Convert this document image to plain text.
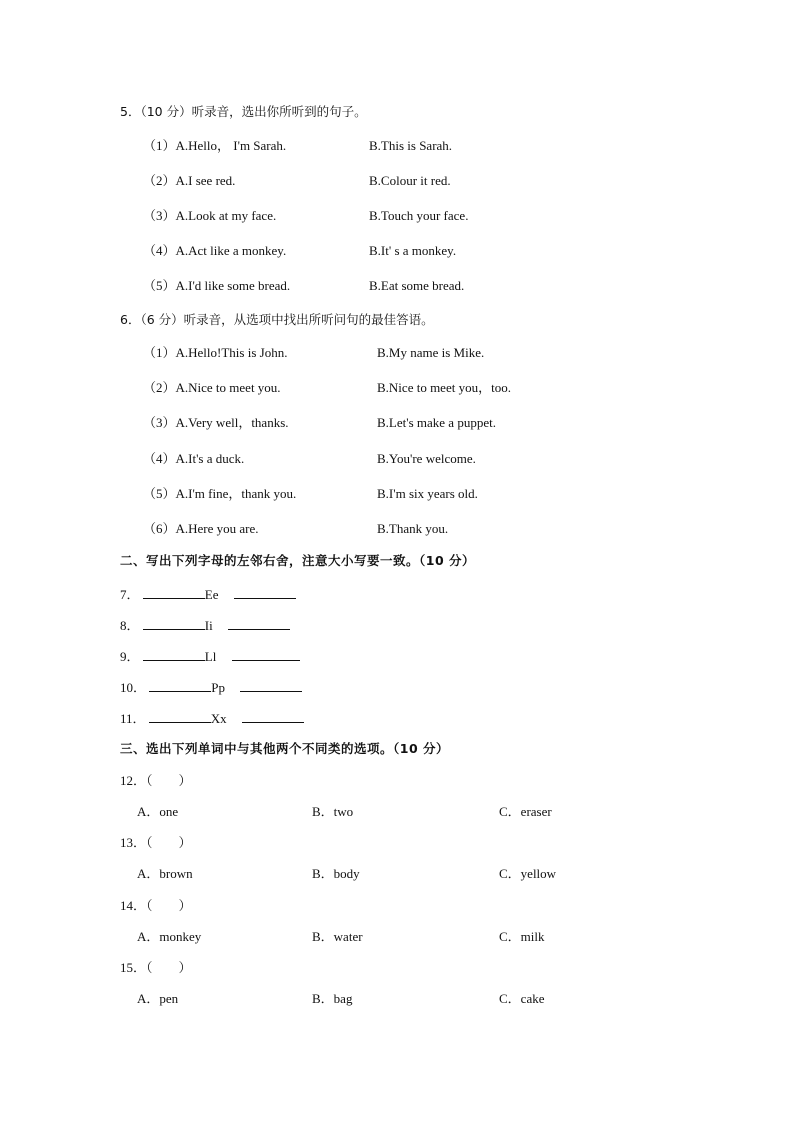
5．（10 分）听录音，选出你所听到的句子。
（1）A.Hello， I'm Sarah.	B.This is Sarah.
（2）A.I see red.	B.Colour it red.
（3）A.Look at my face.	B.Touch your face.
（4）A.Act like a monkey.	B.It' s a monkey.
（5）A.I'd like some bread.	B.Eat some bread.
6．（6 分）听录音，从选项中找出所听问句的最佳答语。
（1）A.Hello!This is John.	B.My name is Mike.
（2）A.Nice to meet you.	B.Nice to meet you，too.
（3）A.Very well，thanks.	B.Let's make a puppet.
（4）A.It's a duck.	B.You're welcome.
（5）A.I'm fine，thank you.	B.I'm six years old.
（6）A.Here you are.	B.Thank you.
二、写出下列字母的左邻右舍，注意大小写要一致。（10 分）
7．	Ee
8．	Ii
9．	Ll
10．	Pp
11．	Xx
三、选出下列单词中与其他两个不同类的选项。（10 分）
12．（　　）
A．one	B．two	C．eraser
13．（　　）
A．brown	B．body	C．yellow
14．（　　）
A．monkey	B．water	C．milk
15．（　　）
A．pen	B．bag	C．cake
